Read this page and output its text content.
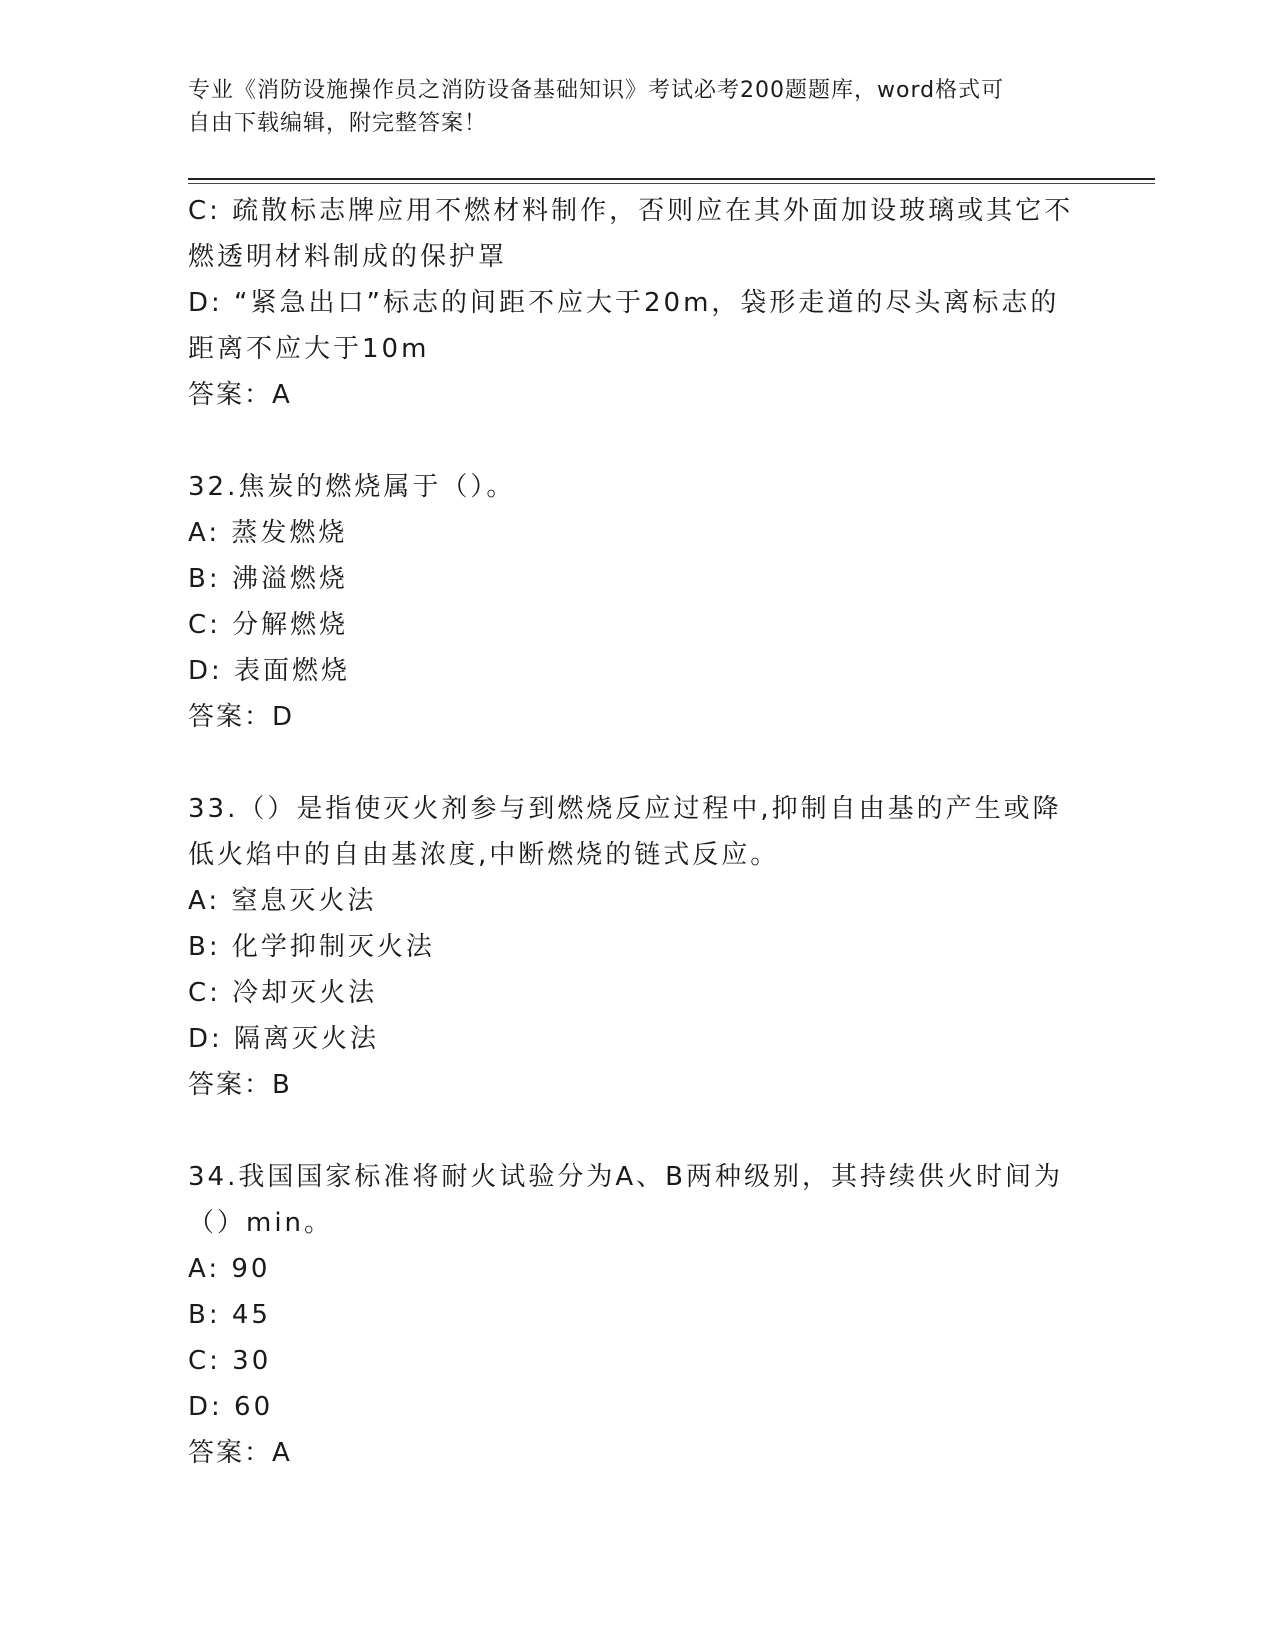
专业《消防设施操作员之消防设备基础知识》考试必考200题题库，word格式可
自由下载编辑，附完整答案！
C: 疏散标志牌应用不燃材料制作，否则应在其外面加设玻璃或其它不
燃透明材料制成的保护罩
D: “紧急出口”标志的间距不应大于20m，袋形走道的尽头离标志的
距离不应大于10m
答案：A
32.焦炭的燃烧属于（）。
A: 蒸发燃烧
B: 沸溢燃烧
C: 分解燃烧
D: 表面燃烧
答案：D
33.（）是指使灭火剂参与到燃烧反应过程中,抑制自由基的产生或降
低火焰中的自由基浓度,中断燃烧的链式反应。
A: 窒息灭火法
B: 化学抑制灭火法
C: 冷却灭火法
D: 隔离灭火法
答案：B
34.我国国家标准将耐火试验分为A、B两种级别，其持续供火时间为
（）min。
A: 90
B: 45
C: 30
D: 60
答案：A
